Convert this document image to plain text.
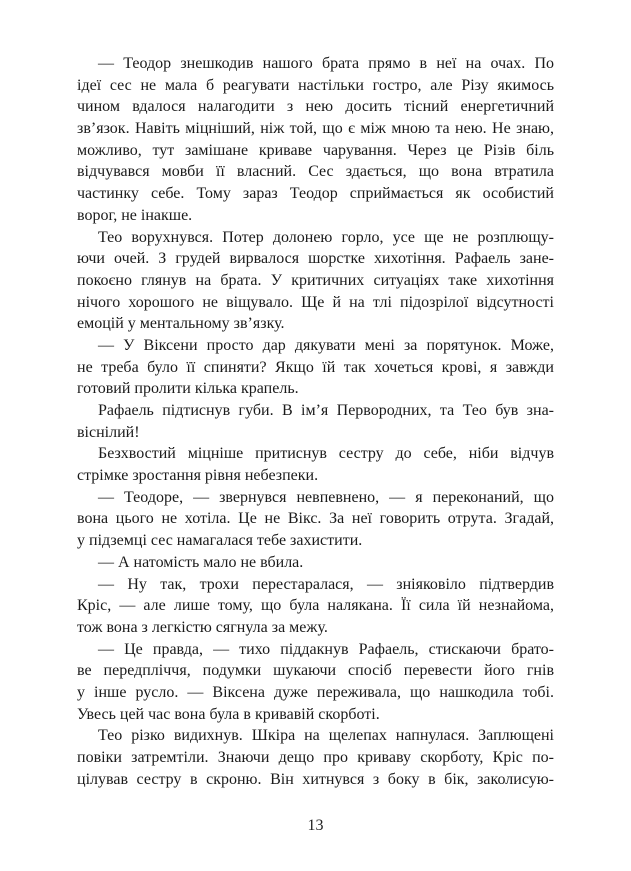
— Теодор знешкодив нашого брата прямо в неї на очах. По
ідеї сес не мала б реагувати настільки гостро, але Різу якимось
чином вдалося налагодити з нею досить тісний енергетичний
зв’язок. Навіть міцніший, ніж той, що є між мною та нею. Не знаю,
можливо, тут замішане криваве чарування. Через це Різів біль
відчувався мовби її власний. Сес здається, що вона втратила
частинку себе. Тому зараз Теодор сприймається як особистий
ворог, не інакше.
Тео ворухнувся. Потер долонею горло, усе ще не розплющу-
ючи очей. З грудей вирвалося шорстке хихотіння. Рафаель зане-
покоєно глянув на брата. У критичних ситуаціях таке хихотіння
нічого хорошого не віщувало. Ще й на тлі підозрілої відсутності
емоцій у ментальному зв’язку.
— У Віксени просто дар дякувати мені за порятунок. Може,
не треба було її спиняти? Якщо їй так хочеться крові, я завжди
готовий пролити кілька крапель.
Рафаель підтиснув губи. В ім’я Первородних, та Тео був зна-
віснілий!
Безхвостий міцніше притиснув сестру до себе, ніби відчув
стрімке зростання рівня небезпеки.
— Теодоре, — звернувся невпевнено, — я переконаний, що
вона цього не хотіла. Це не Вікс. За неї говорить отрута. Згадай,
у підземці сес намагалася тебе захистити.
— А натомість мало не вбила.
— Ну так, трохи перестаралася, — зніяковіло підтвердив
Кріс, — але лише тому, що була налякана. Її сила їй незнайома,
тож вона з легкістю сягнула за межу.
— Це правда, — тихо піддакнув Рафаель, стискаючи брато-
ве передпліччя, подумки шукаючи спосіб перевести його гнів
у інше русло. — Віксена дуже переживала, що нашкодила тобі.
Увесь цей час вона була в кривавій скорботі.
Тео різко видихнув. Шкіра на щелепах напнулася. Заплющені
повіки затремтіли. Знаючи дещо про криваву скорботу, Кріс по-
цілував сестру в скроню. Він хитнувся з боку в бік, заколисую-
13
